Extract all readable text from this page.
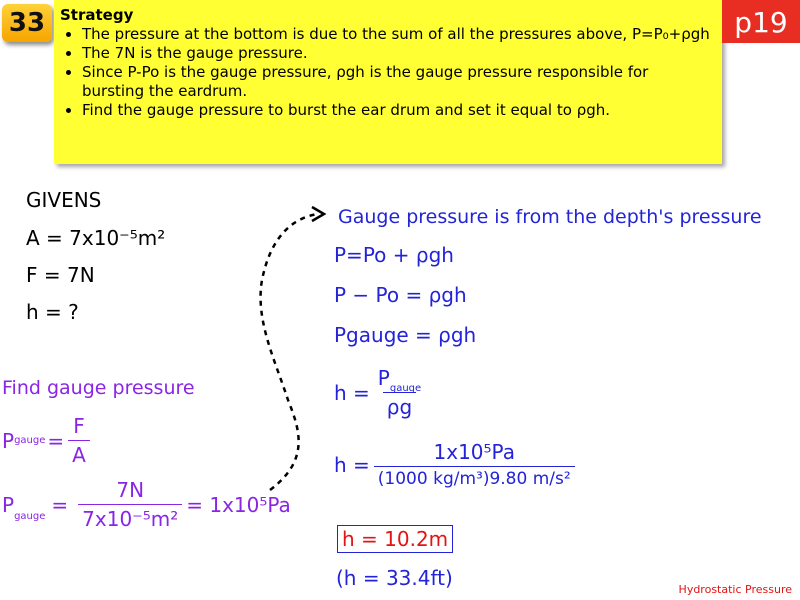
33 Strategy
• The pressure at the bottom is due to the sum of all the pressures above, P=P₀+ρgh
• The 7N is the gauge pressure.
• Since P-Po is the gauge pressure, ρgh is the gauge pressure responsible for bursting the eardrum.
• Find the gauge pressure to burst the ear drum and set it equal to ρgh.
p19
GIVENS
A = 7x10⁻⁵m²
F = 7N
h = ?
Find gauge pressure
P gauge = $\frac{F}{A}$
P gauge = $\frac{7N}{\text{7x10⁻⁵m²}} = 1x10^5Pa$
Gauge pressure is from the depth's pressure
P=Po + ρgh
P − Po = ρgh
Pgauge = ρgh
$h = \frac{P_{gauge}}{\rho g}$
$h = \frac{\text{1x10⁵Pa}}{\text{(1000 kg/m³)9.80 m/s²}}$
h = 10.2m
(h = 33.4ft)	Hydrostatic Pressure
